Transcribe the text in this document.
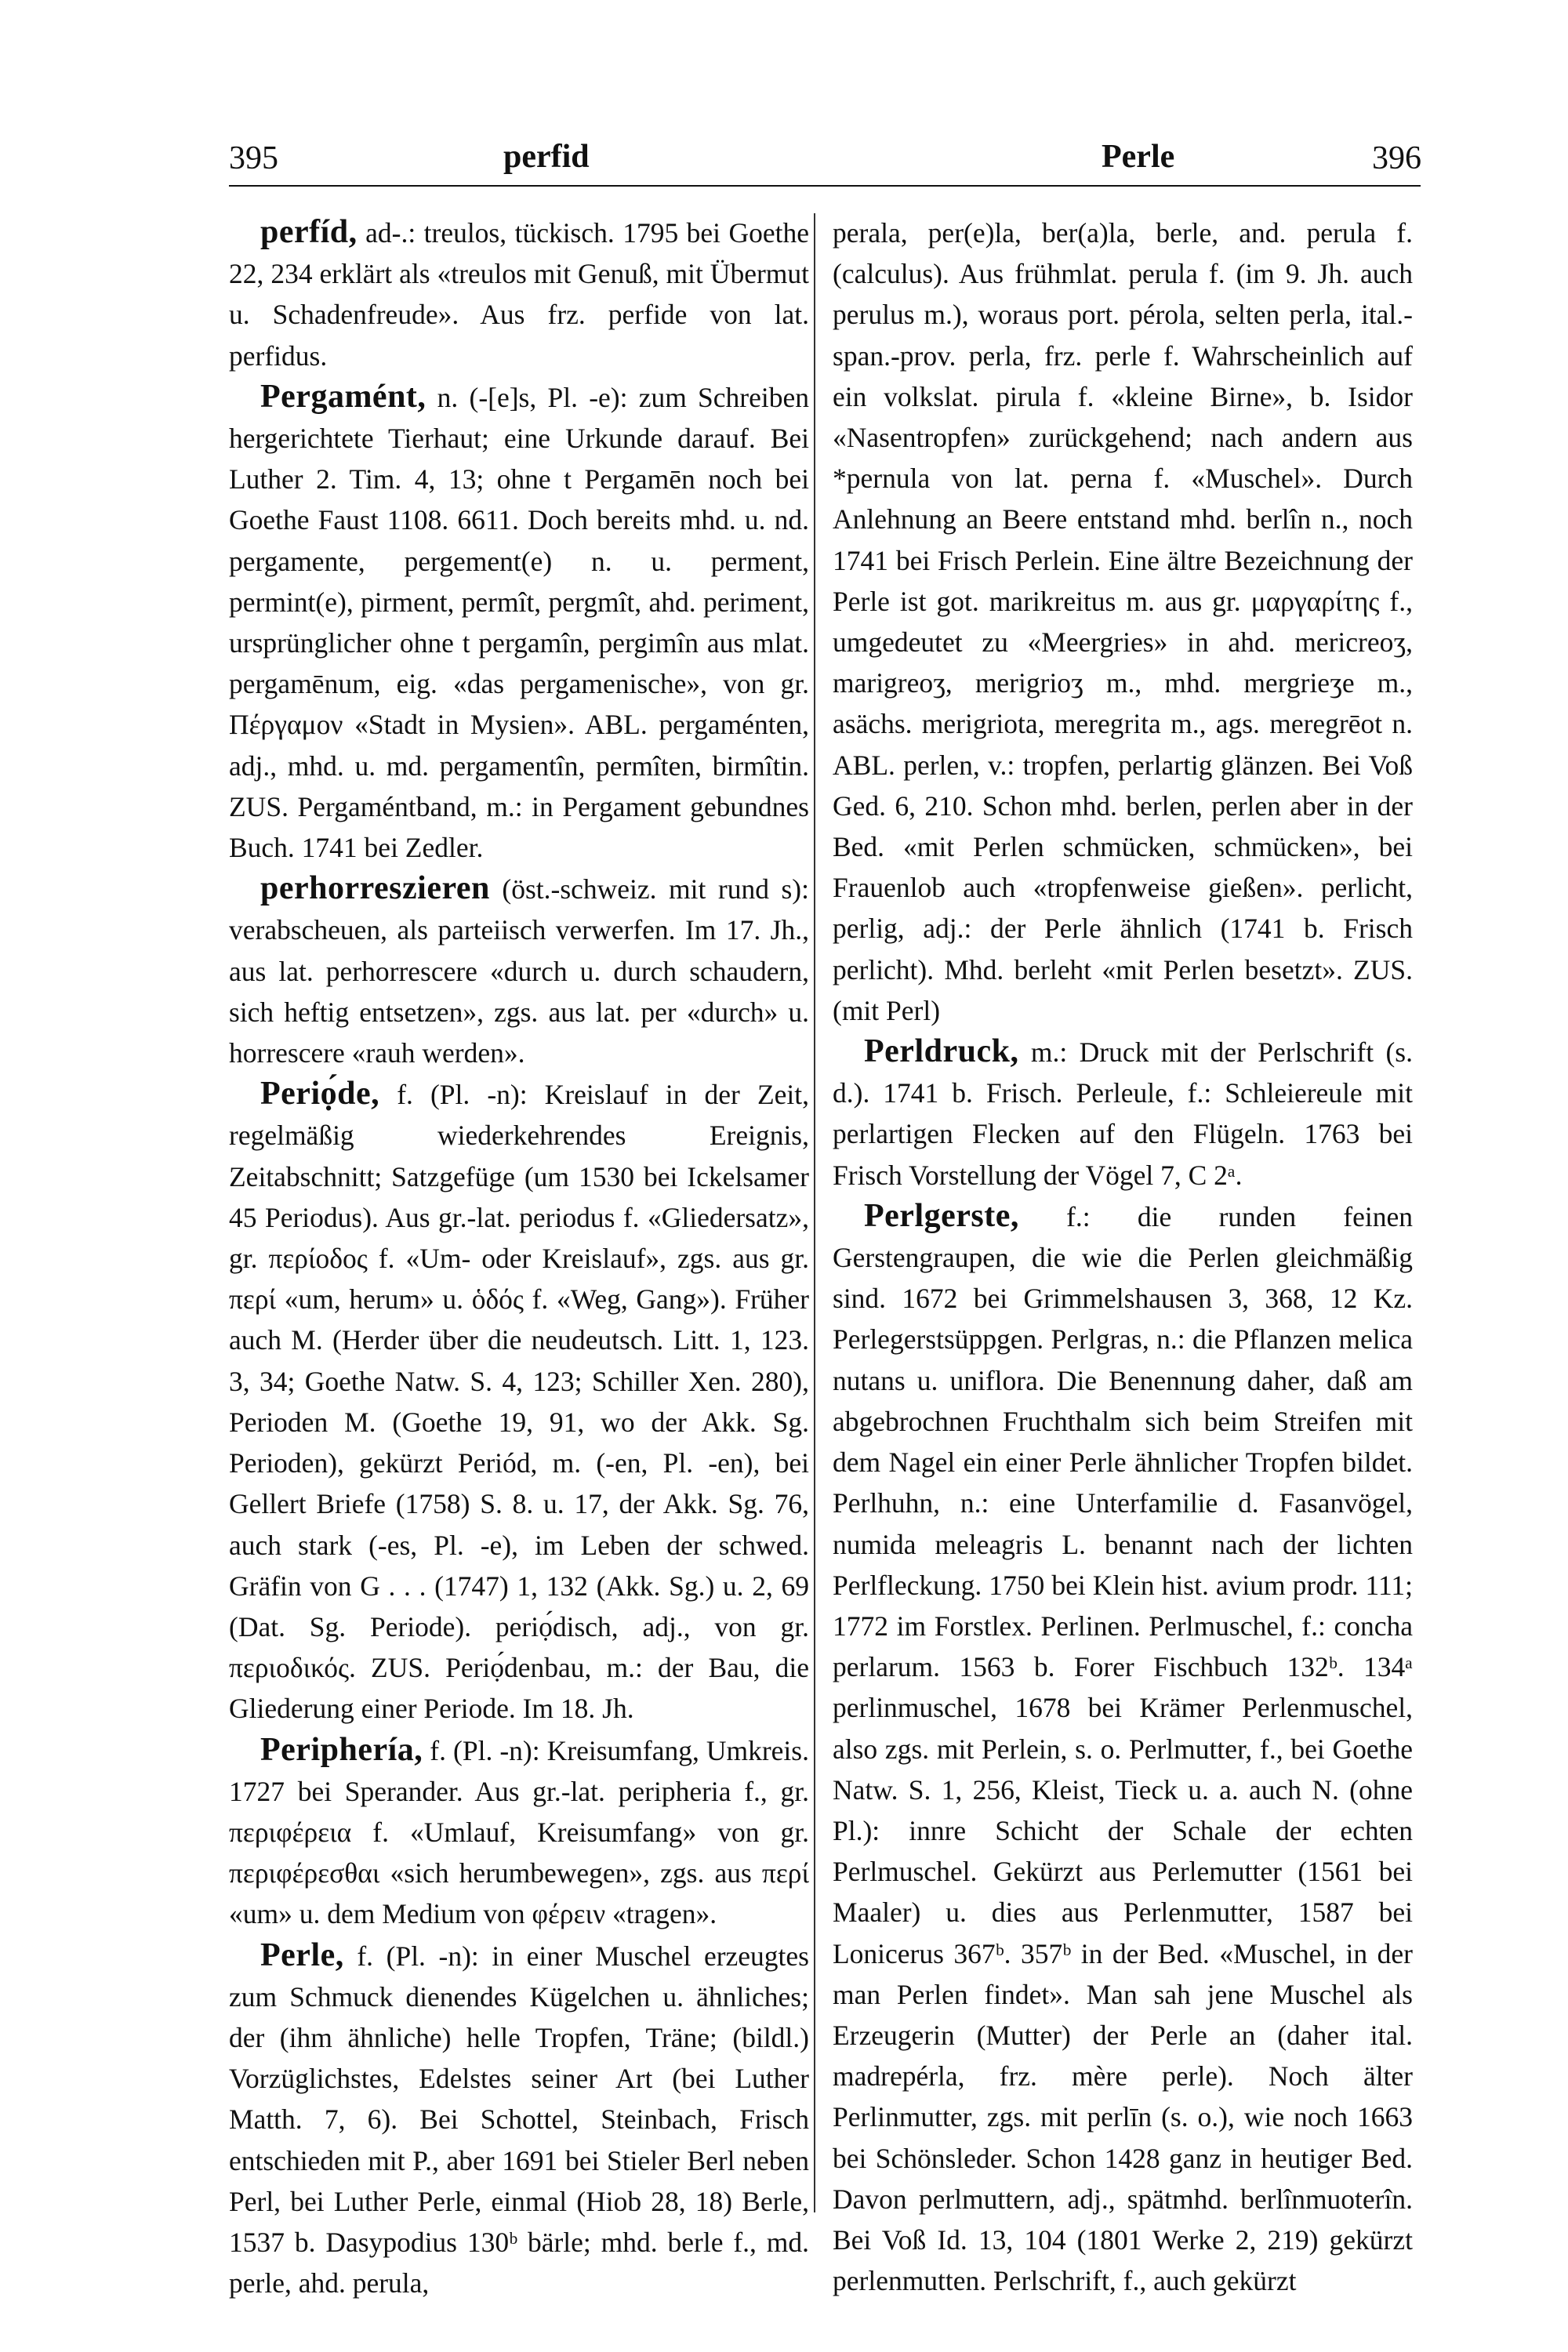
395	perfid	Perle	396

perfíd, ad-.: treulos, tückisch. 1795 bei Goethe 22, 234 erklärt als «treulos mit Genuß, mit Übermut u. Schadenfreude». Aus frz. perfide von lat. perfidus.

Pergamént, n. (-[e]s, Pl. -e): zum Schreiben hergerichtete Tierhaut; eine Urkunde darauf. Bei Luther 2. Tim. 4, 13; ohne t Pergamēn noch bei Goethe Faust 1108. 6611. Doch bereits mhd. u. nd. pergamente, pergement(e) n. u. perment, permint(e), pirment, permît, pergmît, ahd. periment, ursprünglicher ohne t pergamîn, pergimîn aus mlat. pergamēnum, eig. «das pergamenische», von gr. Πέργαμον «Stadt in Mysien». ABL. pergaménten, adj., mhd. u. md. pergamentîn, permîten, birmîtin. ZUS. Pergaméntband, m.: in Pergament gebundnes Buch. 1741 bei Zedler.

perhorreszieren (öst.-schweiz. mit rund s): verabscheuen, als parteiisch verwerfen. Im 17. Jh., aus lat. perhorrescere «durch u. durch schaudern, sich heftig entsetzen», zgs. aus lat. per «durch» u. horrescere «rauh werden».

Periọ́de, f. (Pl. -n): Kreislauf in der Zeit, regelmäßig wiederkehrendes Ereignis, Zeitabschnitt; Satzgefüge (um 1530 bei Ickelsamer 45 Periodus). Aus gr.-lat. periodus f. «Gliedersatz», gr. περίοδος f. «Um- oder Kreislauf», zgs. aus gr. περί «um, herum» u. ὁδός f. «Weg, Gang»). Früher auch M. (Herder über die neudeutsch. Litt. 1, 123. 3, 34; Goethe Natw. S. 4, 123; Schiller Xen. 280), Perioden M. (Goethe 19, 91, wo der Akk. Sg. Perioden), gekürzt Periód, m. (-en, Pl. -en), bei Gellert Briefe (1758) S. 8. u. 17, der Akk. Sg. 76, auch stark (-es, Pl. -e), im Leben der schwed. Gräfin von G . . . (1747) 1, 132 (Akk. Sg.) u. 2, 69 (Dat. Sg. Periode). periọ́disch, adj., von gr. περιοδικός. ZUS. Periọ́denbau, m.: der Bau, die Gliederung einer Periode. Im 18. Jh.

Periphería, f. (Pl. -n): Kreisumfang, Umkreis. 1727 bei Sperander. Aus gr.-lat. peripheria f., gr. περιφέρεια f. «Umlauf, Kreisumfang» von gr. περιφέρεσθαι «sich herumbewegen», zgs. aus περί «um» u. dem Medium von φέρειν «tragen».

Perle, f. (Pl. -n): in einer Muschel erzeugtes zum Schmuck dienendes Kügelchen u. ähnliches; der (ihm ähnliche) helle Tropfen, Träne; (bildl.) Vorzüglichstes, Edelstes seiner Art (bei Luther Matth. 7, 6). Bei Schottel, Steinbach, Frisch entschieden mit P., aber 1691 bei Stieler Berl neben Perl, bei Luther Perle, einmal (Hiob 28, 18) Berle, 1537 b. Dasypodius 130ᵇ bärle; mhd. berle f., md. perle, ahd. perula,

perala, per(e)la, ber(a)la, berle, and. perula f. (calculus). Aus frühmlat. perula f. (im 9. Jh. auch perulus m.), woraus port. pérola, selten perla, ital.-span.-prov. perla, frz. perle f. Wahrscheinlich auf ein volkslat. pirula f. «kleine Birne», b. Isidor «Nasentropfen» zurückgehend; nach andern aus *pernula von lat. perna f. «Muschel». Durch Anlehnung an Beere entstand mhd. berlîn n., noch 1741 bei Frisch Perlein. Eine ältre Bezeichnung der Perle ist got. marikreitus m. aus gr. μαργαρίτης f., umgedeutet zu «Meergries» in ahd. mericreoʒ, marigreoʒ, merigrioʒ m., mhd. mergrieʒe m., asächs. merigriota, meregrita m., ags. meregrēot n. ABL. perlen, v.: tropfen, perlartig glänzen. Bei Voß Ged. 6, 210. Schon mhd. berlen, perlen aber in der Bed. «mit Perlen schmücken, schmücken», bei Frauenlob auch «tropfenweise gießen». perlicht, perlig, adj.: der Perle ähnlich (1741 b. Frisch perlicht). Mhd. berleht «mit Perlen besetzt». ZUS. (mit Perl)

Perldruck, m.: Druck mit der Perlschrift (s. d.). 1741 b. Frisch. Perleule, f.: Schleiereule mit perlartigen Flecken auf den Flügeln. 1763 bei Frisch Vorstellung der Vögel 7, C 2ᵃ.

Perlgerste, f.: die runden feinen Gerstengraupen, die wie die Perlen gleichmäßig sind. 1672 bei Grimmelshausen 3, 368, 12 Kz. Perlegerstsüppgen. Perlgras, n.: die Pflanzen melica nutans u. uniflora. Die Benennung daher, daß am abgebrochnen Fruchthalm sich beim Streifen mit dem Nagel ein einer Perle ähnlicher Tropfen bildet. Perlhuhn, n.: eine Unterfamilie d. Fasanvögel, numida meleagris L. benannt nach der lichten Perlfleckung. 1750 bei Klein hist. avium prodr. 111; 1772 im Forstlex. Perlinen. Perlmuschel, f.: concha perlarum. 1563 b. Forer Fischbuch 132ᵇ. 134ᵃ perlinmuschel, 1678 bei Krämer Perlenmuschel, also zgs. mit Perlein, s. o. Perlmutter, f., bei Goethe Natw. S. 1, 256, Kleist, Tieck u. a. auch N. (ohne Pl.): innre Schicht der Schale der echten Perlmuschel. Gekürzt aus Perlemutter (1561 bei Maaler) u. dies aus Perlenmutter, 1587 bei Lonicerus 367ᵇ. 357ᵇ in der Bed. «Muschel, in der man Perlen findet». Man sah jene Muschel als Erzeugerin (Mutter) der Perle an (daher ital. madrepérla, frz. mère perle). Noch älter Perlinmutter, zgs. mit perlīn (s. o.), wie noch 1663 bei Schönsleder. Schon 1428 ganz in heutiger Bed. Davon perlmuttern, adj., spätmhd. berlînmuoterîn. Bei Voß Id. 13, 104 (1801 Werke 2, 219) gekürzt perlenmutten. Perlschrift, f., auch gekürzt
